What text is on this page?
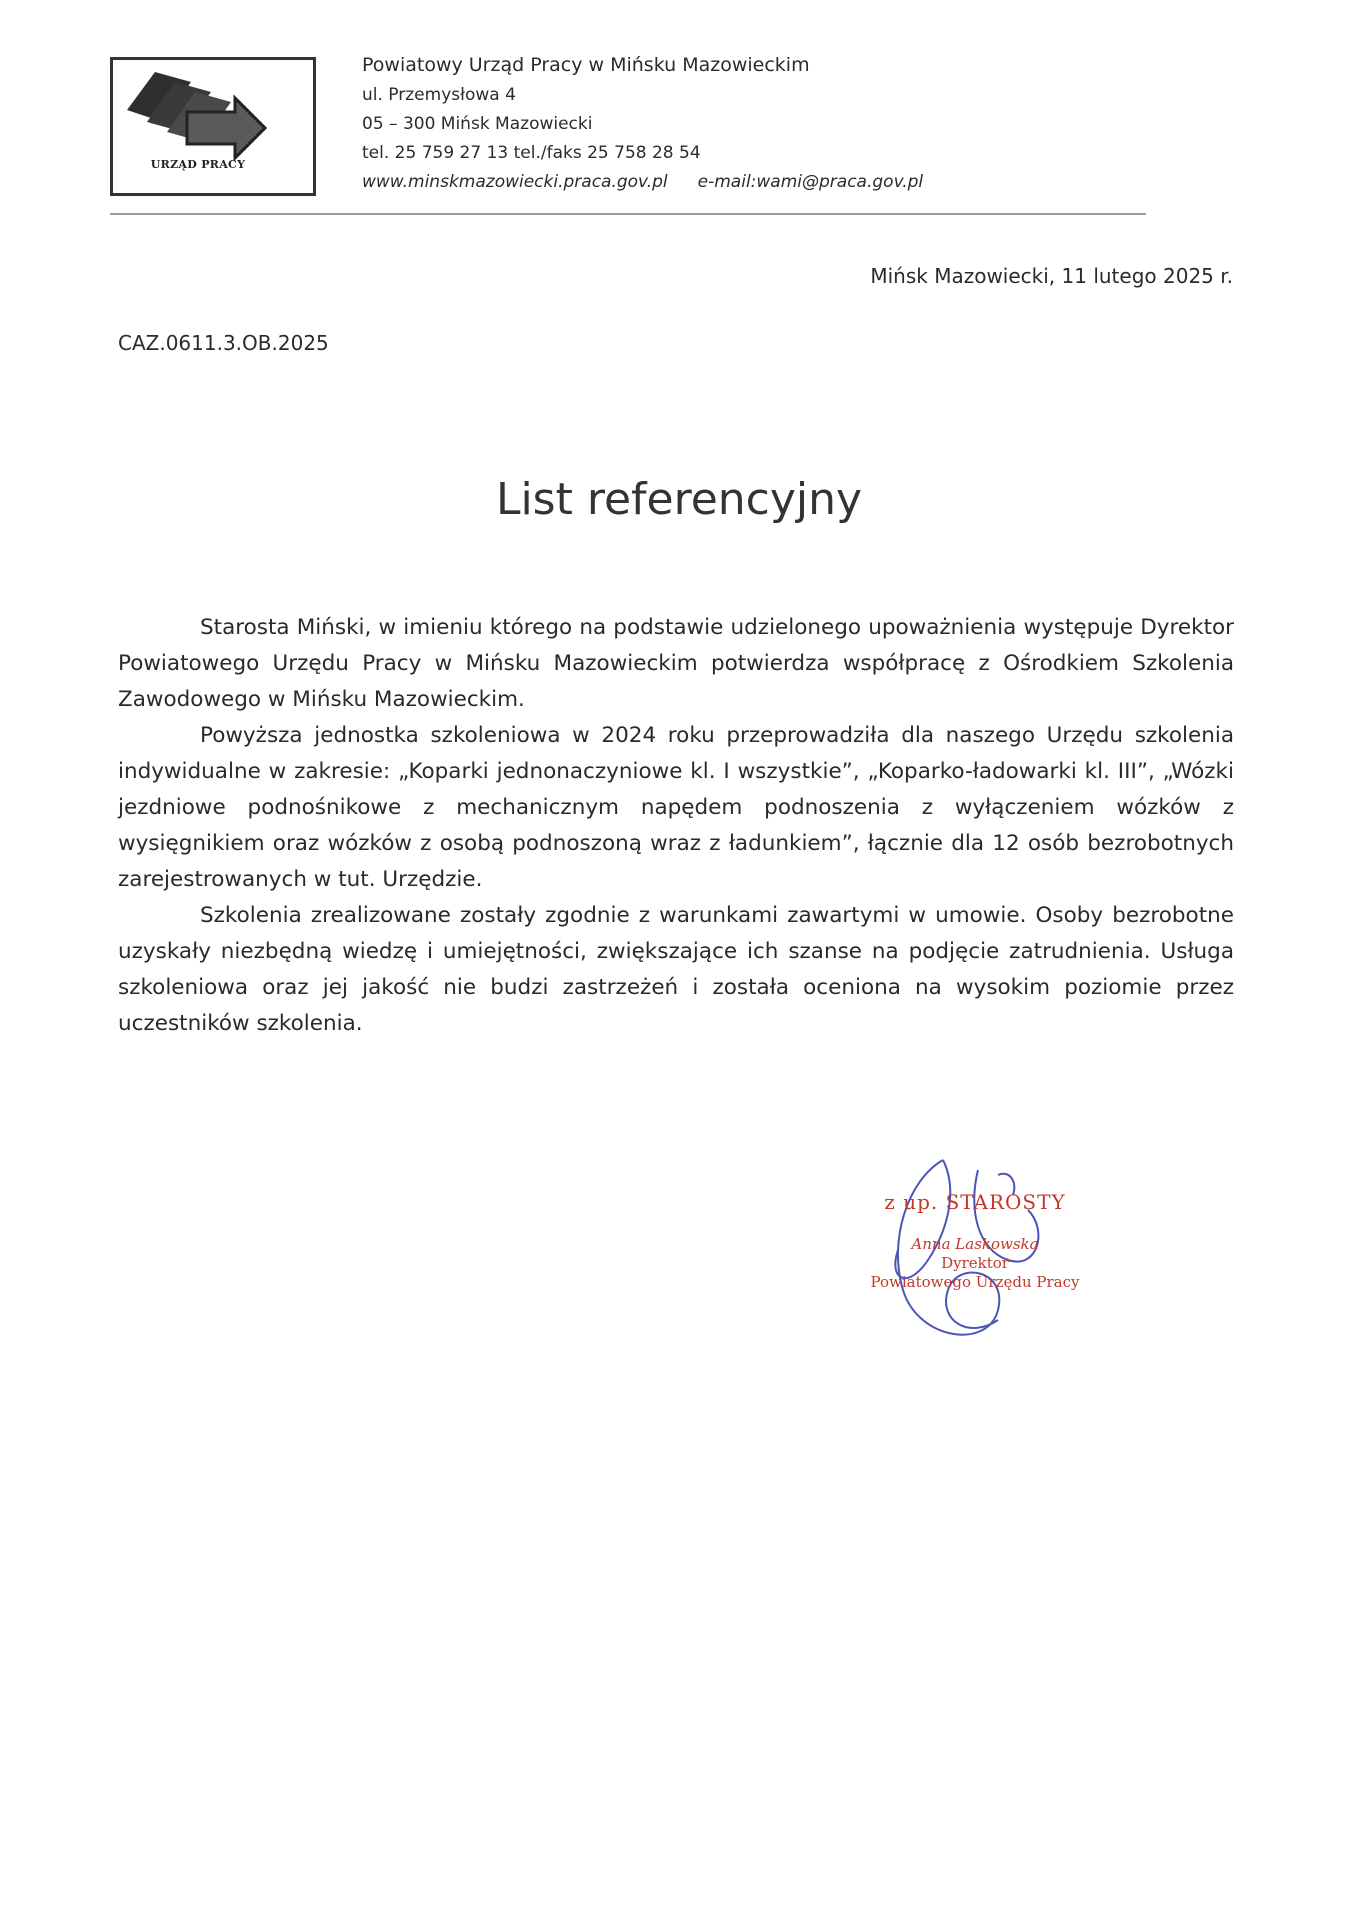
URZĄD PRACY
Powiatowy Urząd Pracy w Mińsku Mazowieckim
ul. Przemysłowa 4
05 – 300 Mińsk Mazowiecki
tel. 25 759 27 13 tel./faks 25 758 28 54
www.minskmazowiecki.praca.gov.pl e-mail:wami@praca.gov.pl
Mińsk Mazowiecki, 11 lutego 2025 r.
CAZ.0611.3.OB.2025
List referencyjny

Starosta Miński, w imieniu którego na podstawie udzielonego upoważnienia występuje Dyrektor Powiatowego Urzędu Pracy w Mińsku Mazowieckim potwierdza współpracę z Ośrodkiem Szkolenia Zawodowego w Mińsku Mazowieckim.

Powyższa jednostka szkoleniowa w 2024 roku przeprowadziła dla naszego Urzędu szkolenia indywidualne w zakresie: „Koparki jednonaczyniowe kl. I wszystkie”, „Koparko-ładowarki kl. III”, „Wózki jezdniowe podnośnikowe z mechanicznym napędem podnoszenia z wyłączeniem wózków z wysięgnikiem oraz wózków z osobą podnoszoną wraz z ładunkiem”, łącznie dla 12 osób bezrobotnych zarejestrowanych w tut. Urzędzie.

Szkolenia zrealizowane zostały zgodnie z warunkami zawartymi w umowie. Osoby bezrobotne uzyskały niezbędną wiedzę i umiejętności, zwiększające ich szanse na podjęcie zatrudnienia. Usługa szkoleniowa oraz jej jakość nie budzi zastrzeżeń i została oceniona na wysokim poziomie przez uczestników szkolenia.

z up. STAROSTY
Anna Laskowska
Dyrektor
Powiatowego Urzędu Pracy
